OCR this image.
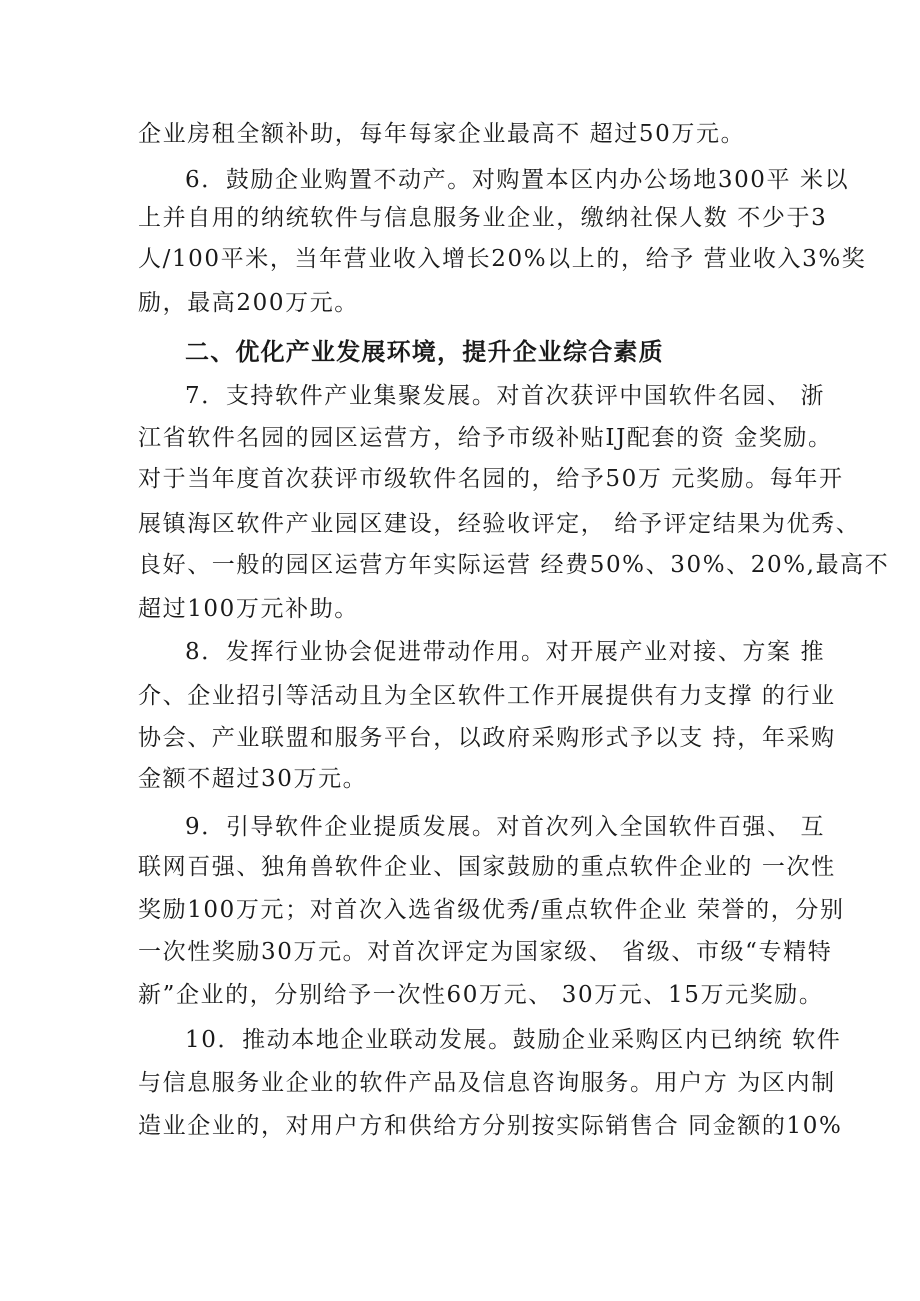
企业房租全额补助，每年每家企业最高不 超过50万元。
6．鼓励企业购置不动产。对购置本区内办公场地300平 米以
上并自用的纳统软件与信息服务业企业，缴纳社保人数 不少于3
人/100平米，当年营业收入增长20%以上的，给予 营业收入3%奖
励，最高200万元。
二、优化产业发展环境，提升企业综合素质
7．支持软件产业集聚发展。对首次获评中国软件名园、 浙
江省软件名园的园区运营方，给予市级补贴IJ配套的资 金奖励。
对于当年度首次获评市级软件名园的，给予50万 元奖励。每年开
展镇海区软件产业园区建设，经验收评定， 给予评定结果为优秀、
良好、一般的园区运营方年实际运营 经费50%、30%、20%,最高不
超过100万元补助。
8．发挥行业协会促进带动作用。对开展产业对接、方案 推
介、企业招引等活动且为全区软件工作开展提供有力支撑 的行业
协会、产业联盟和服务平台，以政府采购形式予以支 持，年采购
金额不超过30万元。
9．引导软件企业提质发展。对首次列入全国软件百强、 互
联网百强、独角兽软件企业、国家鼓励的重点软件企业的 一次性
奖励100万元；对首次入选省级优秀/重点软件企业 荣誉的，分别
一次性奖励30万元。对首次评定为国家级、 省级、市级“专精特
新”企业的，分别给予一次性60万元、 30万元、15万元奖励。
10．推动本地企业联动发展。鼓励企业采购区内已纳统 软件
与信息服务业企业的软件产品及信息咨询服务。用户方 为区内制
造业企业的，对用户方和供给方分别按实际销售合 同金额的10%
